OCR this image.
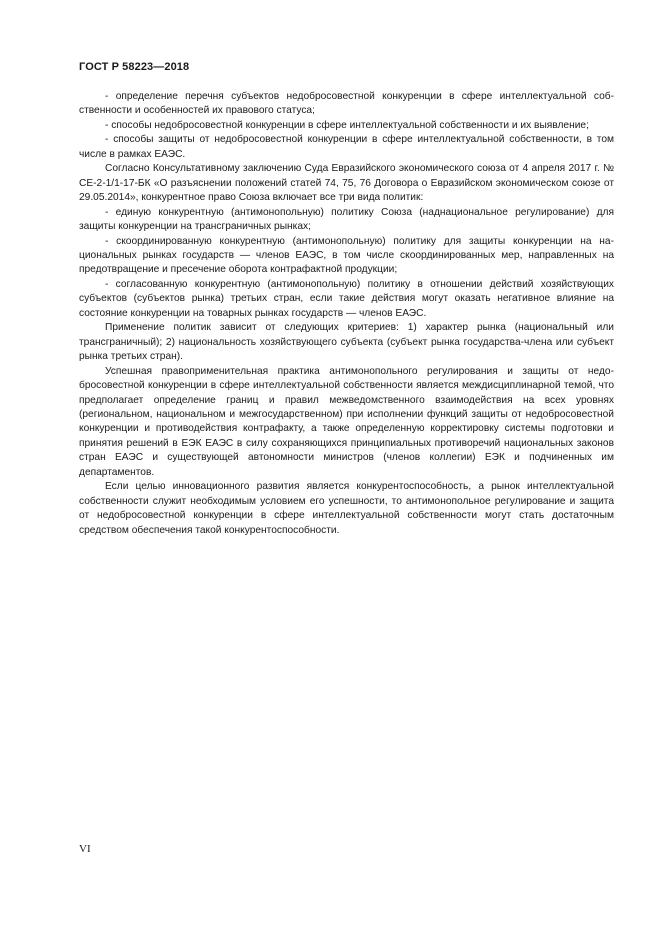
ГОСТ Р 58223—2018

- определение перечня субъектов недобросовестной конкуренции в сфере интеллектуальной собственности и особенностей их правового статуса;

- способы недобросовестной конкуренции в сфере интеллектуальной собственности и их выявление;

- способы защиты от недобросовестной конкуренции в сфере интеллектуальной собственности, в том числе в рамках ЕАЭС.

Согласно Консультативному заключению Суда Евразийского экономического союза от 4 апреля 2017 г. № СЕ-2-1/1-17-БК «О разъяснении положений статей 74, 75, 76 Договора о Евразийском экономическом союзе от 29.05.2014», конкурентное право Союза включает все три вида политик:

- единую конкурентную (антимонопольную) политику Союза (наднациональное регулирование) для защиты конкуренции на трансграничных рынках;

- скоординированную конкурентную (антимонопольную) политику для защиты конкуренции на национальных рынках государств — членов ЕАЭС, в том числе скоординированных мер, направленных на предотвращение и пресечение оборота контрафактной продукции;

- согласованную конкурентную (антимонопольную) политику в отношении действий хозяйствующих субъектов (субъектов рынка) третьих стран, если такие действия могут оказать негативное влияние на состояние конкуренции на товарных рынках государств — членов ЕАЭС.

Применение политик зависит от следующих критериев: 1) характер рынка (национальный или трансграничный); 2) национальность хозяйствующего субъекта (субъект рынка государства-члена или субъект рынка третьих стран).

Успешная правоприменительная практика антимонопольного регулирования и защиты от недобросовестной конкуренции в сфере интеллектуальной собственности является междисциплинарной темой, что предполагает определение границ и правил межведомственного взаимодействия на всех уровнях (региональном, национальном и межгосударственном) при исполнении функций защиты от недобросовестной конкуренции и противодействия контрафакту, а также определенную корректировку системы подготовки и принятия решений в ЕЭК ЕАЭС в силу сохраняющихся принципиальных противоречий национальных законов стран ЕАЭС и существующей автономности министров (членов коллегии) ЕЭК и подчиненных им департаментов.

Если целью инновационного развития является конкурентоспособность, а рынок интеллектуальной собственности служит необходимым условием его успешности, то антимонопольное регулирование и защита от недобросовестной конкуренции в сфере интеллектуальной собственности могут стать достаточным средством обеспечения такой конкурентоспособности.

VI
